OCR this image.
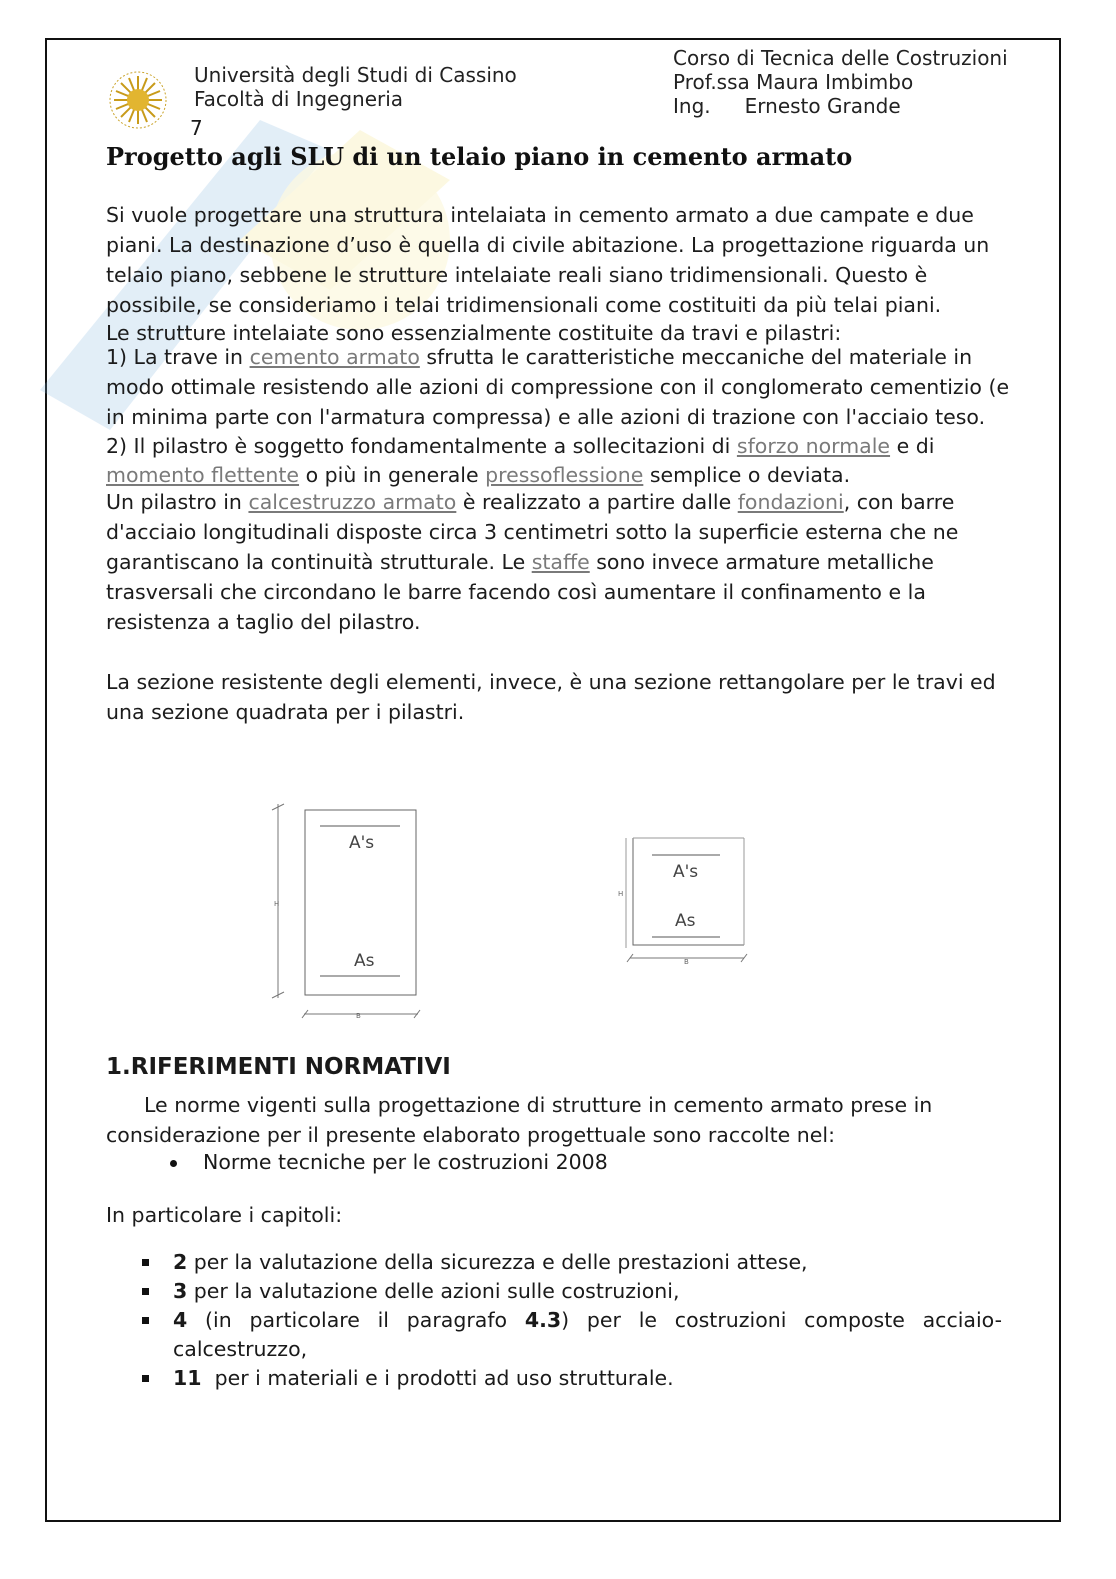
Università degli Studi di Cassino
Facoltà di Ingegneria
7
Corso di Tecnica delle Costruzioni
Prof.ssa Maura Imbimbo
Ing. Ernesto Grande
Progetto agli SLU di un telaio piano in cemento armato

Si vuole progettare una struttura intelaiata in cemento armato a due campate e due piani. La destinazione d’uso è quella di civile abitazione. La progettazione riguarda un telaio piano, sebbene le strutture intelaiate reali siano tridimensionali. Questo è possibile, se consideriamo i telai tridimensionali come costituiti da più telai piani.

Le strutture intelaiate sono essenzialmente costituite da travi e pilastri:

1) La trave in cemento armato sfrutta le caratteristiche meccaniche del materiale in modo ottimale resistendo alle azioni di compressione con il conglomerato cementizio (e in minima parte con l'armatura compressa) e alle azioni di trazione con l'acciaio teso.

2) Il pilastro è soggetto fondamentalmente a sollecitazioni di sforzo normale e di momento flettente o più in generale pressoflessione semplice o deviata.

Un pilastro in calcestruzzo armato è realizzato a partire dalle fondazioni, con barre d'acciaio longitudinali disposte circa 3 centimetri sotto la superficie esterna che ne garantiscano la continuità strutturale. Le staffe sono invece armature metalliche trasversali che circondano le barre facendo così aumentare il confinamento e la resistenza a taglio del pilastro.

La sezione resistente degli elementi, invece, è una sezione rettangolare per le travi ed una sezione quadrata per i pilastri.

A's
As
H
B
A's
As
H
B
1.RIFERIMENTI NORMATIVI

Le norme vigenti sulla progettazione di strutture in cemento armato prese in considerazione per il presente elaborato progettuale sono raccolte nel:

Norme tecniche per le costruzioni 2008
In particolare i capitoli:
2 per la valutazione della sicurezza e delle prestazioni attese,
3 per la valutazione delle azioni sulle costruzioni,
4 (in particolare il paragrafo 4.3) per le costruzioni composte acciaio-calcestruzzo,
11  per i materiali e i prodotti ad uso strutturale.
